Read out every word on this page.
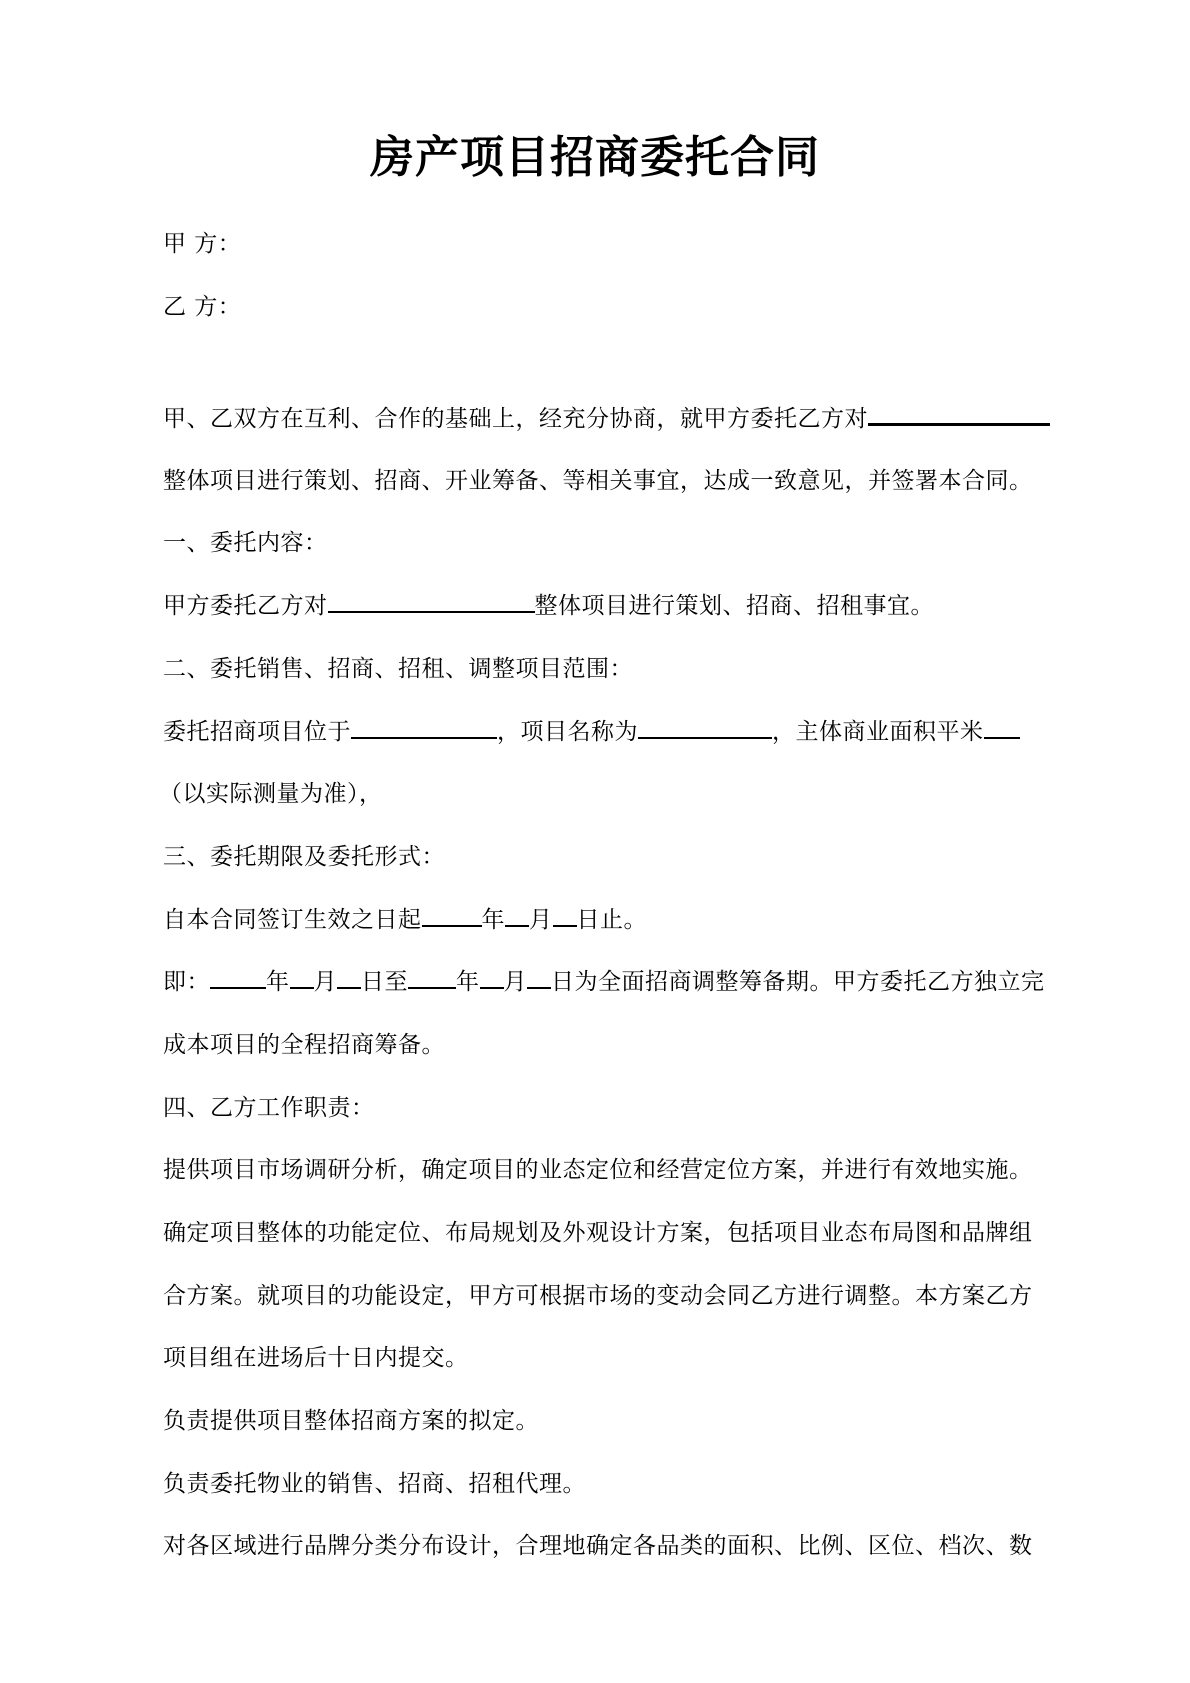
房产项目招商委托合同
甲 方：
乙 方：
甲、乙双方在互利、合作的基础上，经充分协商，就甲方委托乙方对
整体项目进行策划、招商、开业筹备、等相关事宜，达成一致意见，并签署本合同。
一、委托内容：
甲方委托乙方对	整体项目进行策划、招商、招租事宜。
二、委托销售、招商、招租、调整项目范围：
委托招商项目位于	，项目名称为	，主体商业面积平米
（以实际测量为准），
三、委托期限及委托形式：
自本合同签订生效之日起	年 月 日止。
即： 年 月 日至 年 月 日为全面招商调整筹备期。甲方委托乙方独立完
成本项目的全程招商筹备。
四、乙方工作职责：
提供项目市场调研分析，确定项目的业态定位和经营定位方案，并进行有效地实施。
确定项目整体的功能定位、布局规划及外观设计方案，包括项目业态布局图和品牌组
合方案。就项目的功能设定，甲方可根据市场的变动会同乙方进行调整。本方案乙方
项目组在进场后十日内提交。
负责提供项目整体招商方案的拟定。
负责委托物业的销售、招商、招租代理。
对各区域进行品牌分类分布设计，合理地确定各品类的面积、比例、区位、档次、数
